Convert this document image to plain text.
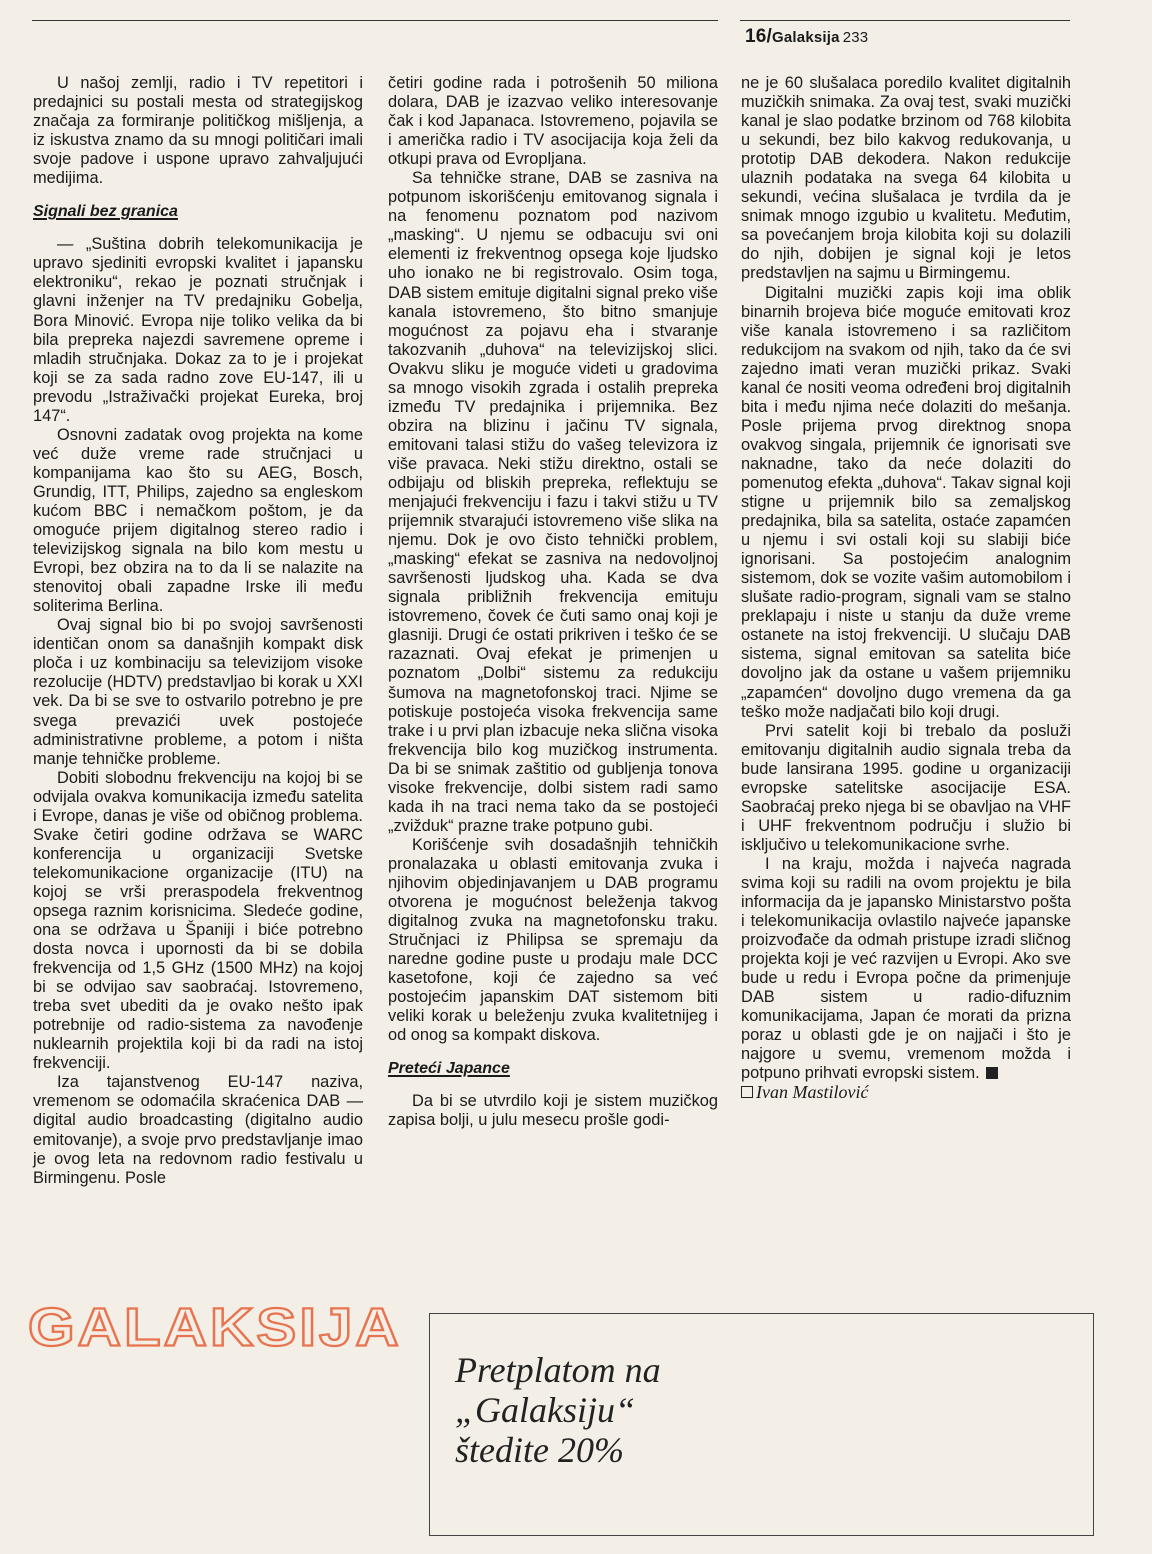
16/Galaksija 233

U našoj zemlji, radio i TV repetitori i predajnici su postali mesta od strategijskog značaja za formiranje političkog mišljenja, a iz iskustva znamo da su mnogi političari imali svoje padove i uspone upravo zahvaljujući medijima.

Signali bez granica

— „Suština dobrih telekomunikacija je upravo sjediniti evropski kvalitet i japansku elektroniku“, rekao je poznati stručnjak i glavni inženjer na TV predajniku Gobelja, Bora Minović. Evropa nije toliko velika da bi bila prepreka najezdi savremene opreme i mladih stručnjaka. Dokaz za to je i projekat koji se za sada radno zove EU-147, ili u prevodu „Istraživački projekat Eureka, broj 147“.

Osnovni zadatak ovog projekta na kome već duže vreme rade stručnjaci u kompanijama kao što su AEG, Bosch, Grundig, ITT, Philips, zajedno sa engleskom kućom BBC i nemačkom poštom, je da omoguće prijem digitalnog stereo radio i televizijskog signala na bilo kom mestu u Evropi, bez obzira na to da li se nalazite na stenovitoj obali zapadne Irske ili među soliterima Berlina.

Ovaj signal bio bi po svojoj savršenosti identičan onom sa današnjih kompakt disk ploča i uz kombinaciju sa televizijom visoke rezolucije (HDTV) predstavljao bi korak u XXI vek. Da bi se sve to ostvarilo potrebno je pre svega prevazići uvek postojeće administrativne probleme, a potom i ništa manje tehničke probleme.

Dobiti slobodnu frekvenciju na kojoj bi se odvijala ovakva komunikacija između satelita i Evrope, danas je više od običnog problema. Svake četiri godine održava se WARC konferencija u organizaciji Svetske telekomunikacione organizacije (ITU) na kojoj se vrši preraspodela frekventnog opsega raznim korisnicima. Sledeće godine, ona se održava u Španiji i biće potrebno dosta novca i upornosti da bi se dobila frekvencija od 1,5 GHz (1500 MHz) na kojoj bi se odvijao sav saobraćaj. Istovremeno, treba svet ubediti da je ovako nešto ipak potrebnije od radio-sistema za navođenje nuklearnih projektila koji bi da radi na istoj frekvenciji.

Iza tajanstvenog EU-147 naziva, vremenom se odomaćila skraćenica DAB — digital audio broadcasting (digitalno audio emitovanje), a svoje prvo predstavljanje imao je ovog leta na redovnom radio festivalu u Birmingenu. Posle

četiri godine rada i potrošenih 50 miliona dolara, DAB je izazvao veliko interesovanje čak i kod Japanaca. Istovremeno, pojavila se i američka radio i TV asocijacija koja želi da otkupi prava od Evropljana.

Sa tehničke strane, DAB se zasniva na potpunom iskorišćenju emitovanog signala i na fenomenu poznatom pod nazivom „masking“. U njemu se odbacuju svi oni elementi iz frekventnog opsega koje ljudsko uho ionako ne bi registrovalo. Osim toga, DAB sistem emituje digitalni signal preko više kanala istovremeno, što bitno smanjuje mogućnost za pojavu eha i stvaranje takozvanih „duhova“ na televizijskoj slici. Ovakvu sliku je moguće videti u gradovima sa mnogo visokih zgrada i ostalih prepreka između TV predajnika i prijemnika. Bez obzira na blizinu i jačinu TV signala, emitovani talasi stižu do vašeg televizora iz više pravaca. Neki stižu direktno, ostali se odbijaju od bliskih prepreka, reflektuju se menjajući frekvenciju i fazu i takvi stižu u TV prijemnik stvarajući istovremeno više slika na njemu. Dok je ovo čisto tehnički problem, „masking“ efekat se zasniva na nedovoljnoj savršenosti ljudskog uha. Kada se dva signala približnih frekvencija emituju istovremeno, čovek će čuti samo onaj koji je glasniji. Drugi će ostati prikriven i teško će se razaznati. Ovaj efekat je primenjen u poznatom „Dolbi“ sistemu za redukciju šumova na magnetofonskoj traci. Njime se potiskuje postojeća visoka frekvencija same trake i u prvi plan izbacuje neka slična visoka frekvencija bilo kog muzičkog instrumenta. Da bi se snimak zaštitio od gubljenja tonova visoke frekvencije, dolbi sistem radi samo kada ih na traci nema tako da se postojeći „zvižduk“ prazne trake potpuno gubi.

Korišćenje svih dosadašnjih tehničkih pronalazaka u oblasti emitovanja zvuka i njihovim objedinjavanjem u DAB programu otvorena je mogućnost beleženja takvog digitalnog zvuka na magnetofonsku traku. Stručnjaci iz Philipsa se spremaju da naredne godine puste u prodaju male DCC kasetofone, koji će zajedno sa već postojećim japanskim DAT sistemom biti veliki korak u beleženju zvuka kvalitetnijeg i od onog sa kompakt diskova.

Preteći Japance

Da bi se utvrdilo koji je sistem muzičkog zapisa bolji, u julu mesecu prošle godi-

ne je 60 slušalaca poredilo kvalitet digitalnih muzičkih snimaka. Za ovaj test, svaki muzički kanal je slao podatke brzinom od 768 kilobita u sekundi, bez bilo kakvog redukovanja, u prototip DAB dekodera. Nakon redukcije ulaznih podataka na svega 64 kilobita u sekundi, većina slušalaca je tvrdila da je snimak mnogo izgubio u kvalitetu. Međutim, sa povećanjem broja kilobita koji su dolazili do njih, dobijen je signal koji je letos predstavljen na sajmu u Birmingemu.

Digitalni muzički zapis koji ima oblik binarnih brojeva biće moguće emitovati kroz više kanala istovremeno i sa različitom redukcijom na svakom od njih, tako da će svi zajedno imati veran muzički prikaz. Svaki kanal će nositi veoma određeni broj digitalnih bita i među njima neće dolaziti do mešanja. Posle prijema prvog direktnog snopa ovakvog singala, prijemnik će ignorisati sve naknadne, tako da neće dolaziti do pomenutog efekta „duhova“. Takav signal koji stigne u prijemnik bilo sa zemaljskog predajnika, bila sa satelita, ostaće zapamćen u njemu i svi ostali koji su slabiji biće ignorisani. Sa postojećim analognim sistemom, dok se vozite vašim automobilom i slušate radio-program, signali vam se stalno preklapaju i niste u stanju da duže vreme ostanete na istoj frekvenciji. U slučaju DAB sistema, signal emitovan sa satelita biće dovoljno jak da ostane u vašem prijemniku „zapamćen“ dovoljno dugo vremena da ga teško može nadjačati bilo koji drugi.

Prvi satelit koji bi trebalo da posluži emitovanju digitalnih audio signala treba da bude lansirana 1995. godine u organizaciji evropske satelitske asocijacije ESA. Saobraćaj preko njega bi se obavljao na VHF i UHF frekventnom području i služio bi isključivo u telekomunikacione svrhe.

I na kraju, možda i najveća nagrada svima koji su radili na ovom projektu je bila informacija da je japansko Ministarstvo pošta i telekomunikacija ovlastilo najveće japanske proizvođače da odmah pristupe izradi sličnog projekta koji je već razvijen u Evropi. Ako sve bude u redu i Evropa počne da primenjuje DAB sistem u radio-difuznim komunikacijama, Japan će morati da prizna poraz u oblasti gde je on najjači i što je najgore u svemu, vremenom možda i potpuno prihvati evropski sistem.

Ivan Mastilović

GALAKSIJA
Pretplatom na
„Galaksiju“
štedite 20%
